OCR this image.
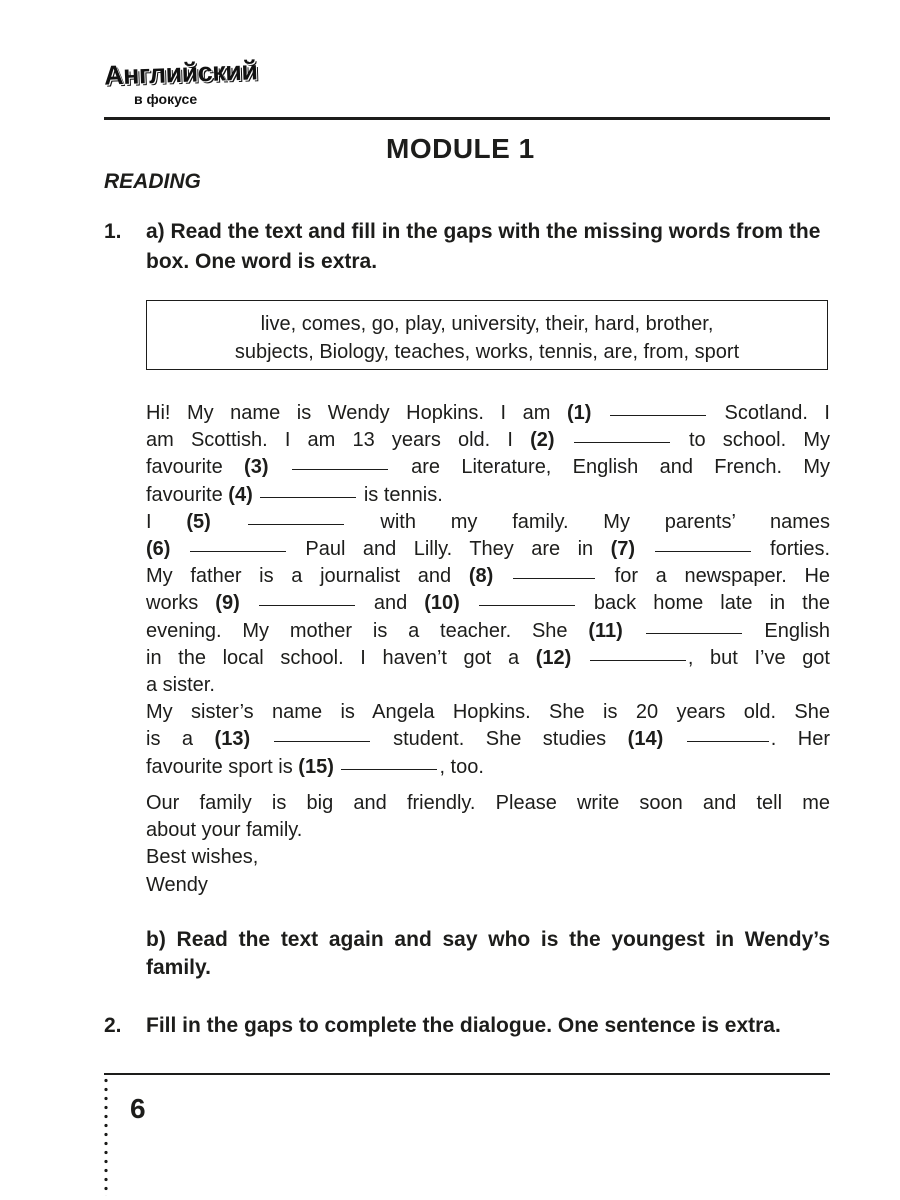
Английский
в фокусе
MODULE 1
READING
1. a) Read the text and fill in the gaps with the missing words from the box. One word is extra.
live, comes, go, play, university, their, hard, brother,
subjects, Biology, teaches, works, tennis, are, from, sport

Hi! My name is Wendy Hopkins. I am (1)	Scotland. I

am Scottish. I am 13 years old. I (2)	to school. My

favourite (3)	are Literature, English and French. My

favourite (4)	is tennis.

I (5)	with my family. My parents’ names

(6)	Paul and Lilly. They are in (7)	forties.

My father is a journalist and (8)	for a newspaper. He

works (9)	and (10)	back home late in the

evening. My mother is a teacher. She (11)	English

in the local school. I haven’t got a (12)	, but I’ve got

a sister.

My sister’s name is Angela Hopkins. She is 20 years old. She

is a (13)	student. She studies (14)	. Her

favourite sport is (15)	, too.

Our family is big and friendly. Please write soon and tell me

about your family.

Best wishes,

Wendy

b) Read the text again and say who is the youngest in Wendy’s family.
2. Fill in the gaps to complete the dialogue. One sentence is extra.
6
